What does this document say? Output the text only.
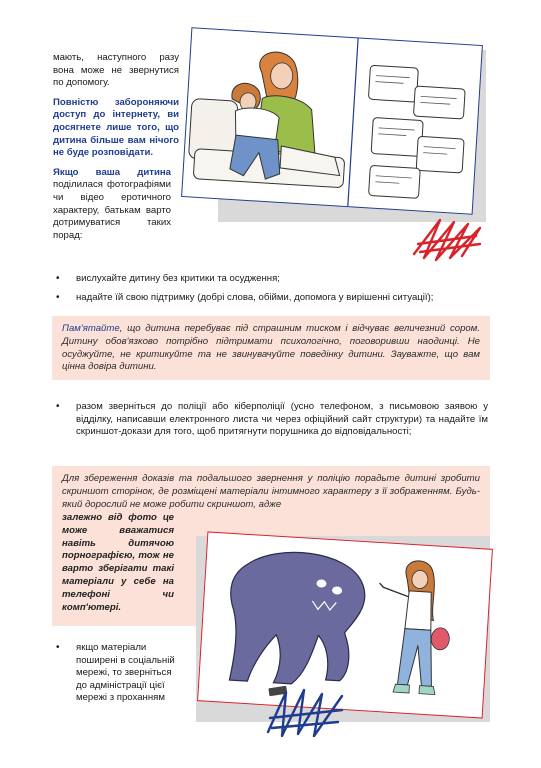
мають, наступного разу вона може не звернутися по допомогу.

Повністю забороняючи доступ до інтернету, ви досягнете лише того, що дитина більше вам нічого не буде розповідати.

Якщо ваша дитина поділилася фотографіями чи відео еротичного характеру, батькам варто дотримуватися таких порад:

• вислухайте дитину без критики та осудження;
• надайте їй свою підтримку (добрі слова, обійми, допомога у вирішенні ситуації);
Пам'ятайте, що дитина перебуває під страшним тиском і відчуває величезний сором. Дитину обов'язково потрібно підтримати психологічно, поговоривши наодинці. Не осуджуйте, не критикуйте та не звинувачуйте поведінку дитини. Зауважте, що вам цінна довіра дитини.
• разом зверніться до поліції або кіберполіції (усно телефоном, з письмовою заявою у відділку, написавши електронного листа чи через офіційний сайт структури) та надайте їм скриншот-докази для того, щоб притягнути порушника до відповідальності;
Для збереження доказів та подальшого звернення у поліцію порадьте дитині зробити скриншот сторінок, де розміщені матеріали інтимного характеру з її зображенням. Будь-який дорослий не може робити скриншот, адже
залежно від фото це може вважатися навіть дитячою порнографією, тож не варто зберігати такі матеріали у себе на телефоні чи комп'ютері.
• якщо матеріали поширені в соціальній мережі, то зверніться до адміністрації цієї мережі з проханням
